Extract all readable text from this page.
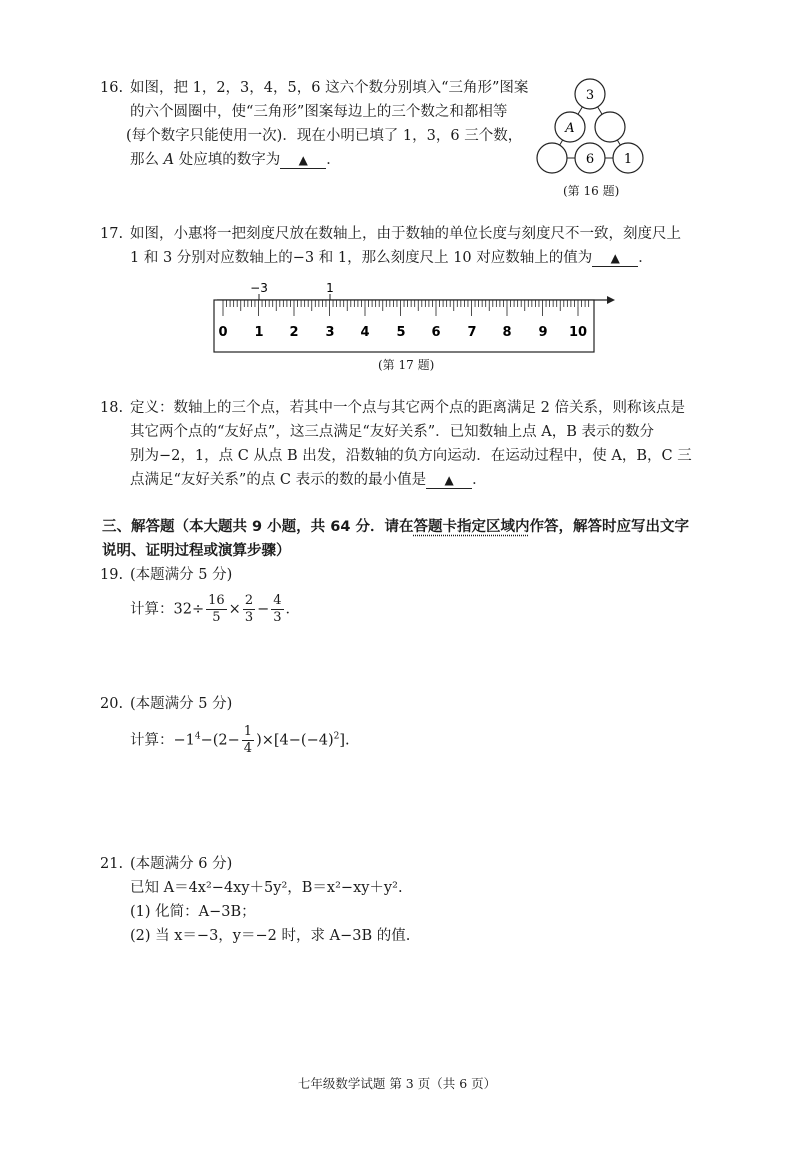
16. 如图，把 1，2，3，4，5，6 这六个数分别填入“三角形”图案
的六个圆圈中，使“三角形”图案每边上的三个数之和都相等
(每个数字只能使用一次)．现在小明已填了 1，3，6 三个数，
那么 A 处应填的数字为 ▲ ．
3
A
6 1
(第 16 题)
17. 如图，小惠将一把刻度尺放在数轴上，由于数轴的单位长度与刻度尺不一致，刻度尺上
1 和 3 分别对应数轴上的−3 和 1，那么刻度尺上 10 对应数轴上的值为 ▲ ．
−3	1
0 1 2 3 4 5 6 7 8 9 10
(第 17 题)
18. 定义：数轴上的三个点，若其中一个点与其它两个点的距离满足 2 倍关系，则称该点是
其它两个点的“友好点”，这三点满足“友好关系”．已知数轴上点 A，B 表示的数分
别为−2，1，点 C 从点 B 出发，沿数轴的负方向运动．在运动过程中，使 A，B，C 三
点满足“友好关系”的点 C 表示的数的最小值是 ▲ ．
三、解答题（本大题共 9 小题，共 64 分．请在答题卡指定区域内作答，解答时应写出文字
说明、证明过程或演算步骤）
19. (本题满分 5 分)
计算：$32\div \frac{16}{5} \times \frac{2}{3} - \frac{4}{3}$ ．
20. (本题满分 5 分)
计算：$-1^4-(2- \frac{1}{4} )\times[4-(-4)^2]$.
21. (本题满分 6 分)
已知 A＝4x²−4xy＋5y²，B＝x²−xy＋y².
(1) 化简：A−3B；
(2) 当 x＝−3，y＝−2 时，求 A−3B 的值.
七年级数学试题 第 3 页（共 6 页）
